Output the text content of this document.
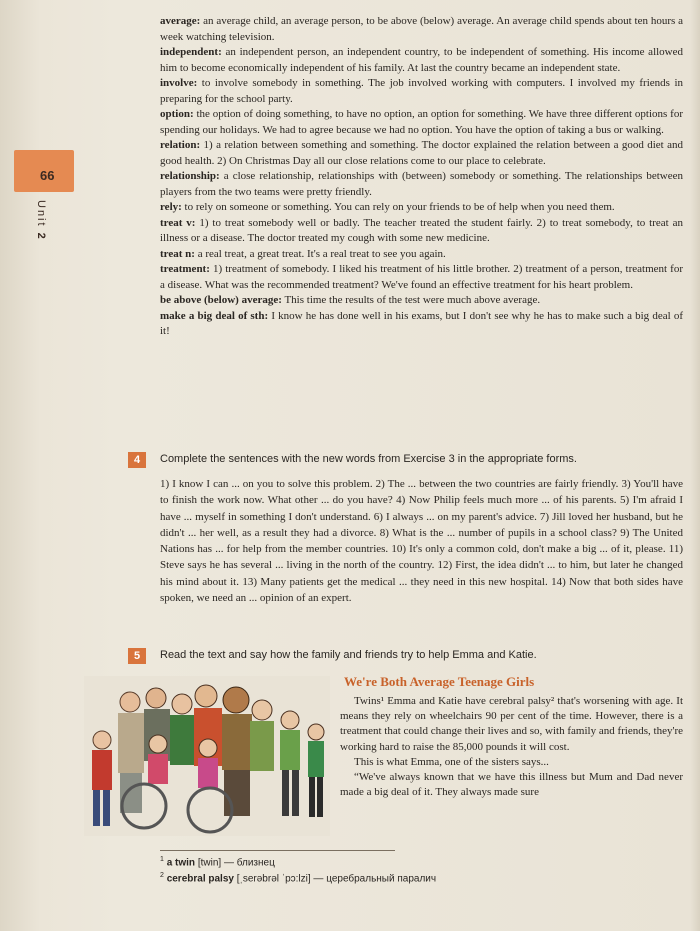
66
Unit 2

average: an average child, an average person, to be above (below) average. An average child spends about ten hours a week watching television.

independent: an independent person, an independent country, to be independent of something. His income allowed him to become economically independent of his family. At last the country became an independent state.

involve: to involve somebody in something. The job involved working with computers. I involved my friends in preparing for the school party.

option: the option of doing something, to have no option, an option for something. We have three different options for spending our holidays. We had to agree because we had no option. You have the option of taking a bus or walking.

relation: 1) a relation between something and something. The doctor explained the relation between a good diet and good health. 2) On Christmas Day all our close relations come to our place to celebrate.

relationship: a close relationship, relationships with (between) somebody or something. The relationships between players from the two teams were pretty friendly.

rely: to rely on someone or something. You can rely on your friends to be of help when you need them.

treat v: 1) to treat somebody well or badly. The teacher treated the student fairly. 2) to treat somebody, to treat an illness or a disease. The doctor treated my cough with some new medicine.

treat n: a real treat, a great treat. It's a real treat to see you again.

treatment: 1) treatment of somebody. I liked his treatment of his little brother. 2) treatment of a person, treatment for a disease. What was the recommended treatment? We've found an effective treatment for his heart problem.

be above (below) average: This time the results of the test were much above average.

make a big deal of sth: I know he has done well in his exams, but I don't see why he has to make such a big deal of it!

4	Complete the sentences with the new words from Exercise 3 in the appropriate forms.

1) I know I can ... on you to solve this problem. 2) The ... between the two countries are fairly friendly. 3) You'll have to finish the work now. What other ... do you have? 4) Now Philip feels much more ... of his parents. 5) I'm afraid I have ... myself in something I don't understand. 6) I always ... on my parent's advice. 7) Jill loved her husband, but he didn't ... her well, as a result they had a divorce. 8) What is the ... number of pupils in a school class? 9) The United Nations has ... for help from the member countries. 10) It's only a common cold, don't make a big ... of it, please. 11) Steve says he has several ... living in the north of the country. 12) First, the idea didn't ... to him, but later he changed his mind about it. 13) Many patients get the medical ... they need in this new hospital. 14) Now that both sides have spoken, we need an ... opinion of an expert.

5	Read the text and say how the family and friends try to help Emma and Katie.
We're Both Average Teenage Girls

Twins¹ Emma and Katie have cerebral palsy² that's worsening with age. It means they rely on wheelchairs 90 per cent of the time. However, there is a treatment that could change their lives and so, with family and friends, they're working hard to raise the 85,000 pounds it will cost.

This is what Emma, one of the sisters says...

“We've always known that we have this illness but Mum and Dad never made a big deal of it. They always made sure

$^1$ a twin [twin] — близнец
$^2$ cerebral palsy [ˌserəbrəl ˈpɔ:lzi] — церебральный паралич
